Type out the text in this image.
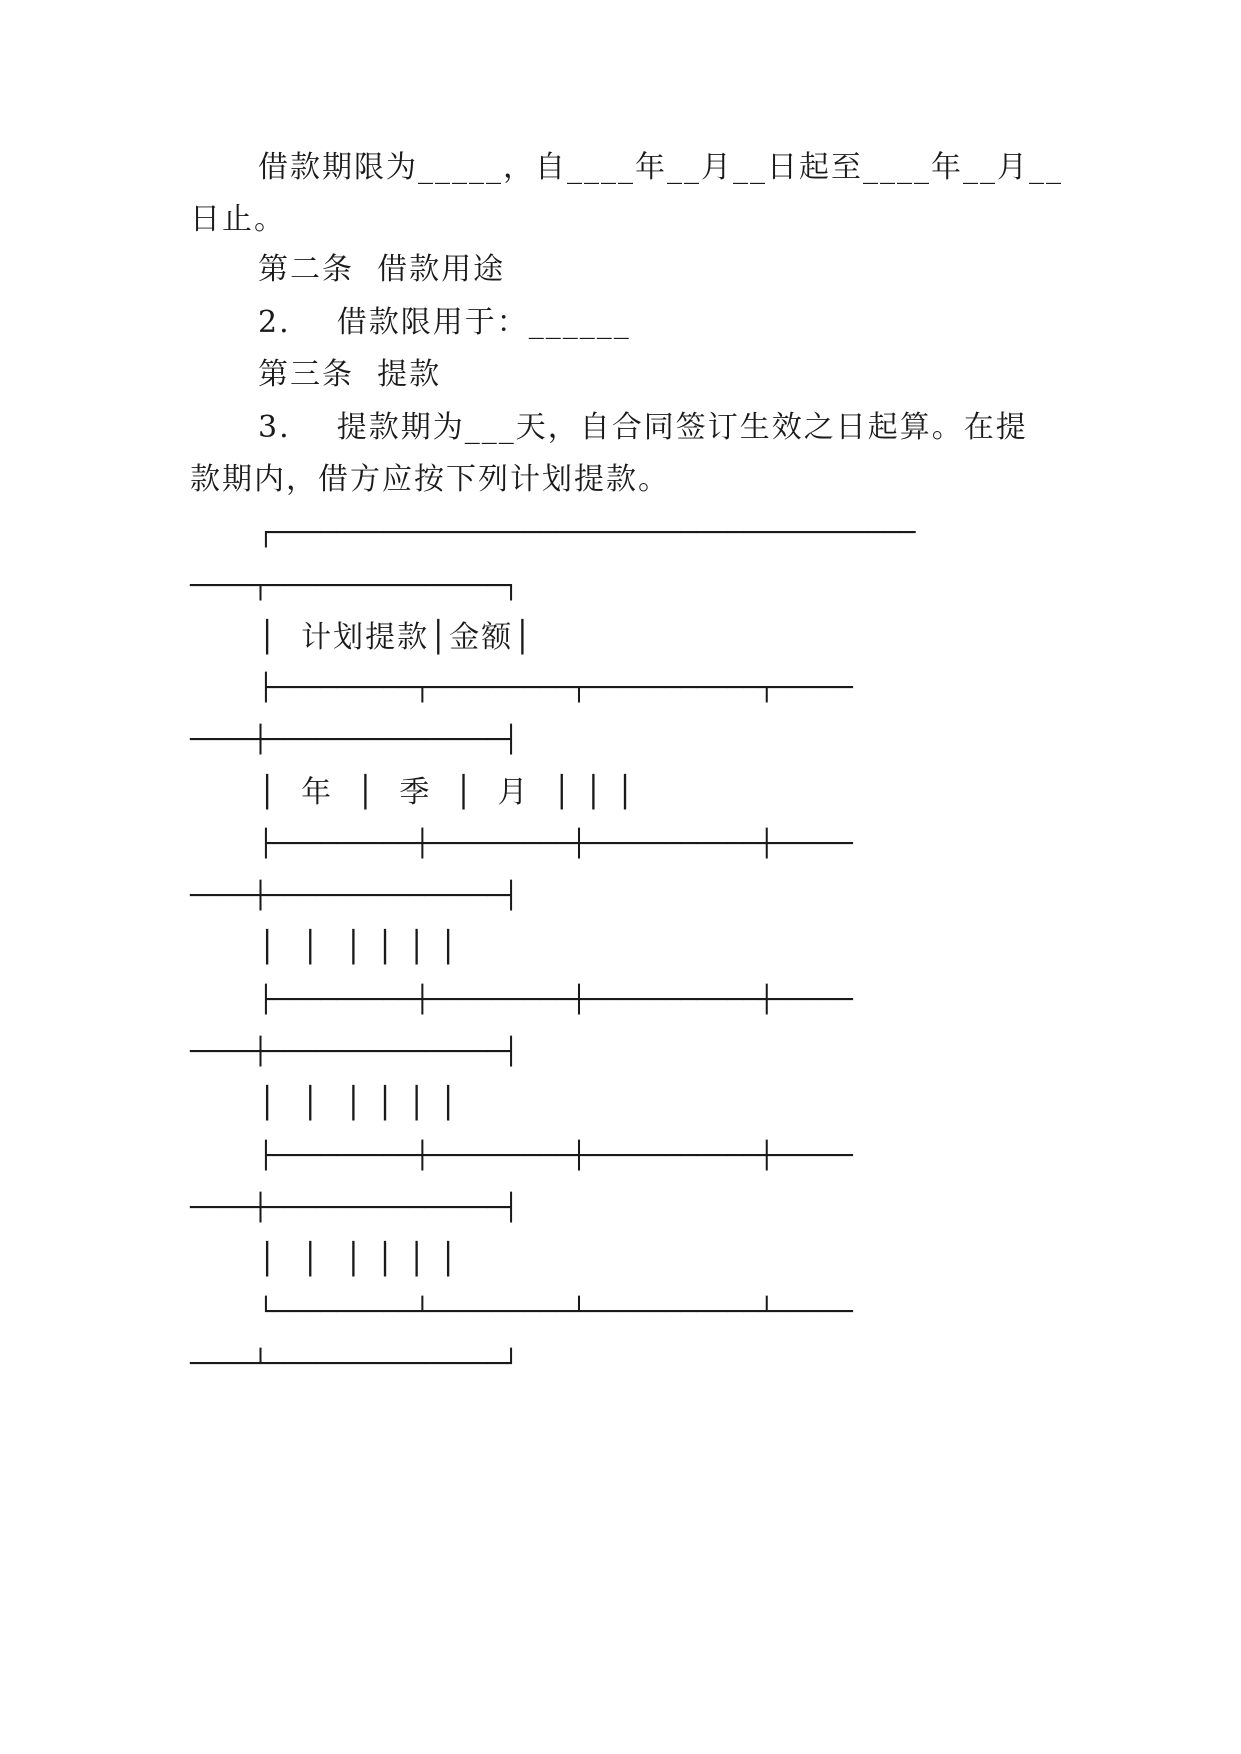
借款期限为_____，自____年__月__日起至____年__月__
日止。
第二条  借款用途
2.    借款限用于：______
第三条  提款
3.    提款期为___天，自合同签订生效之日起算。在提
款期内，借方应按下列计划提款。
┌─────────────────────────────────────────
────┬───────────────┐
│  计划提款│金额│
├─────────┬─────────┬───────────┬─────
────┼───────────────┤
│  年  │  季  │  月  │ │ │
├─────────┼─────────┼───────────┼─────
────┼───────────────┤
│  │  │ │ │ │
├─────────┼─────────┼───────────┼─────
────┼───────────────┤
│  │  │ │ │ │
├─────────┼─────────┼───────────┼─────
────┼───────────────┤
│  │  │ │ │ │
└─────────┴─────────┴───────────┴─────
────┴───────────────┘
